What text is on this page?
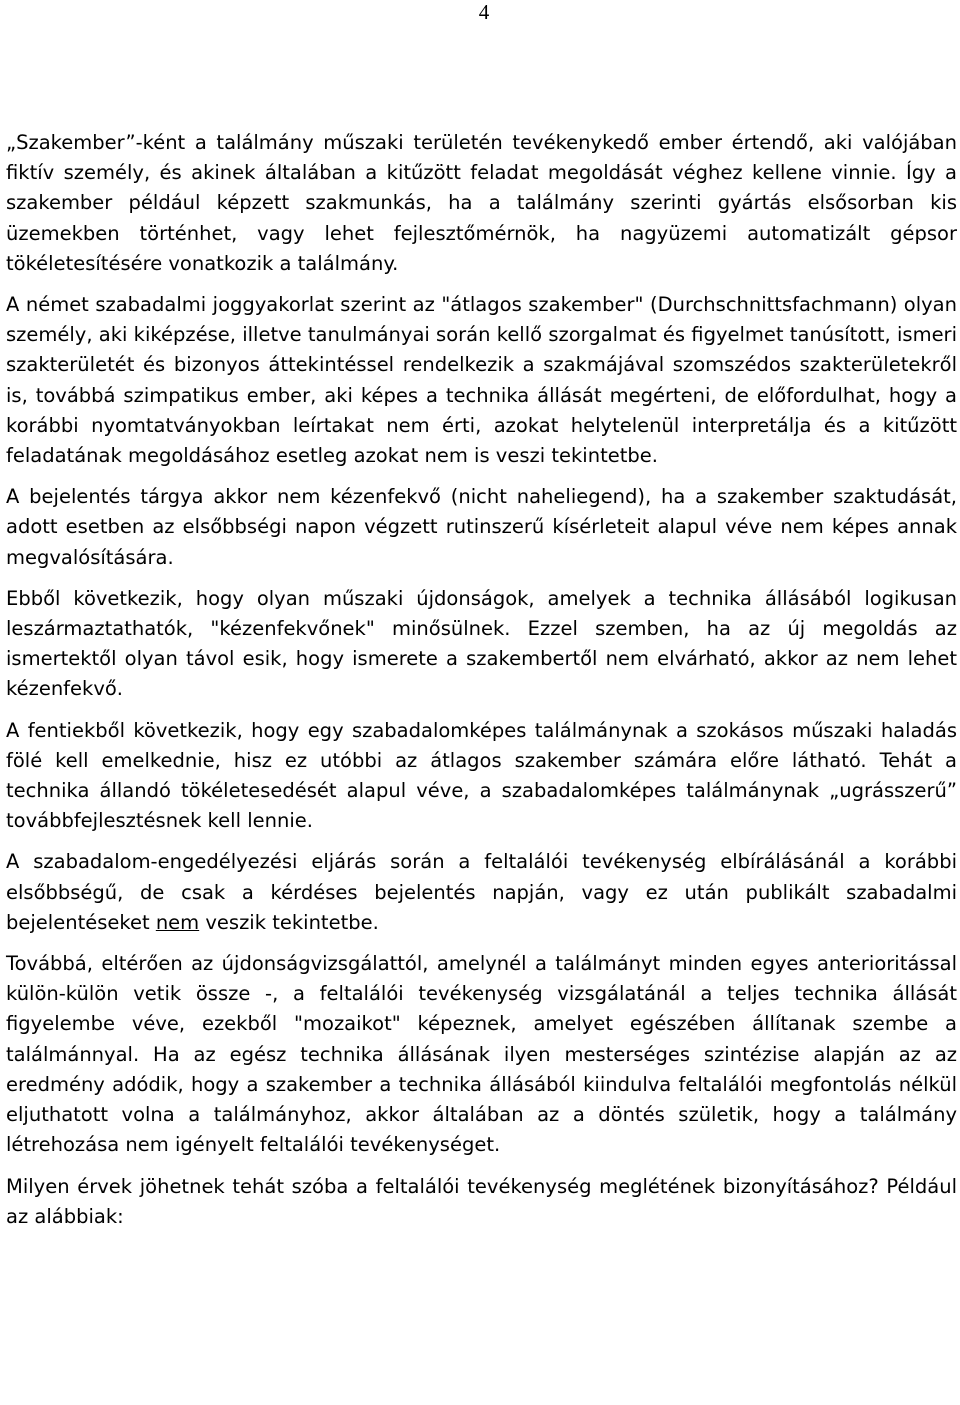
4

„Szakember”-ként a találmány műszaki területén tevékenykedő ember értendő, aki valójában fiktív személy, és akinek általában a kitűzött feladat megoldását véghez kellene vinnie. Így a szakember például képzett szakmunkás, ha a találmány szerinti gyártás elsősorban kis üzemekben történhet, vagy lehet fejlesztőmérnök, ha nagyüzemi automatizált gépsor tökéletesítésére vonatkozik a találmány.

A német szabadalmi joggyakorlat szerint az "átlagos szakember" (Durchschnittsfachmann) olyan személy, aki kiképzése, illetve tanulmányai során kellő szorgalmat és figyelmet tanúsított, ismeri szakterületét és bizonyos áttekintéssel rendelkezik a szakmájával szomszédos szakterületekről is, továbbá szimpatikus ember, aki képes a technika állását megérteni, de előfordulhat, hogy a korábbi nyomtatványokban leírtakat nem érti, azokat helytelenül interpretálja és a kitűzött feladatának megoldásához esetleg azokat nem is veszi tekintetbe.

A bejelentés tárgya akkor nem kézenfekvő (nicht naheliegend), ha a szakember szaktudását, adott esetben az elsőbbségi napon végzett rutinszerű kísérleteit alapul véve nem képes annak megvalósítására.

Ebből következik, hogy olyan műszaki újdonságok, amelyek a technika állásából logikusan leszármaztathatók, "kézenfekvőnek" minősülnek. Ezzel szemben, ha az új megoldás az ismertektől olyan távol esik, hogy ismerete a szakembertől nem elvárható, akkor az nem lehet kézenfekvő.

A fentiekből következik, hogy egy szabadalomképes találmánynak a szokásos műszaki haladás fölé kell emelkednie, hisz ez utóbbi az átlagos szakember számára előre látható. Tehát a technika állandó tökéletesedését alapul véve, a szabadalomképes találmánynak „ugrásszerű” továbbfejlesztésnek kell lennie.

A szabadalom-engedélyezési eljárás során a feltalálói tevékenység elbírálásánál a korábbi elsőbbségű, de csak a kérdéses bejelentés napján, vagy ez után publikált szabadalmi bejelentéseket nem veszik tekintetbe.

Továbbá, eltérően az újdonságvizsgálattól, amelynél a találmányt minden egyes anterioritással külön-külön vetik össze -, a feltalálói tevékenység vizsgálatánál a teljes technika állását figyelembe véve, ezekből "mozaikot" képeznek, amelyet egészében állítanak szembe a találmánnyal. Ha az egész technika állásának ilyen mesterséges szintézise alapján az az eredmény adódik, hogy a szakember a technika állásából kiindulva feltalálói megfontolás nélkül eljuthatott volna a találmányhoz, akkor általában az a döntés születik, hogy a találmány létrehozása nem igényelt feltalálói tevékenységet.

Milyen érvek jöhetnek tehát szóba a feltalálói tevékenység meglétének bizonyításához? Például az alábbiak:
